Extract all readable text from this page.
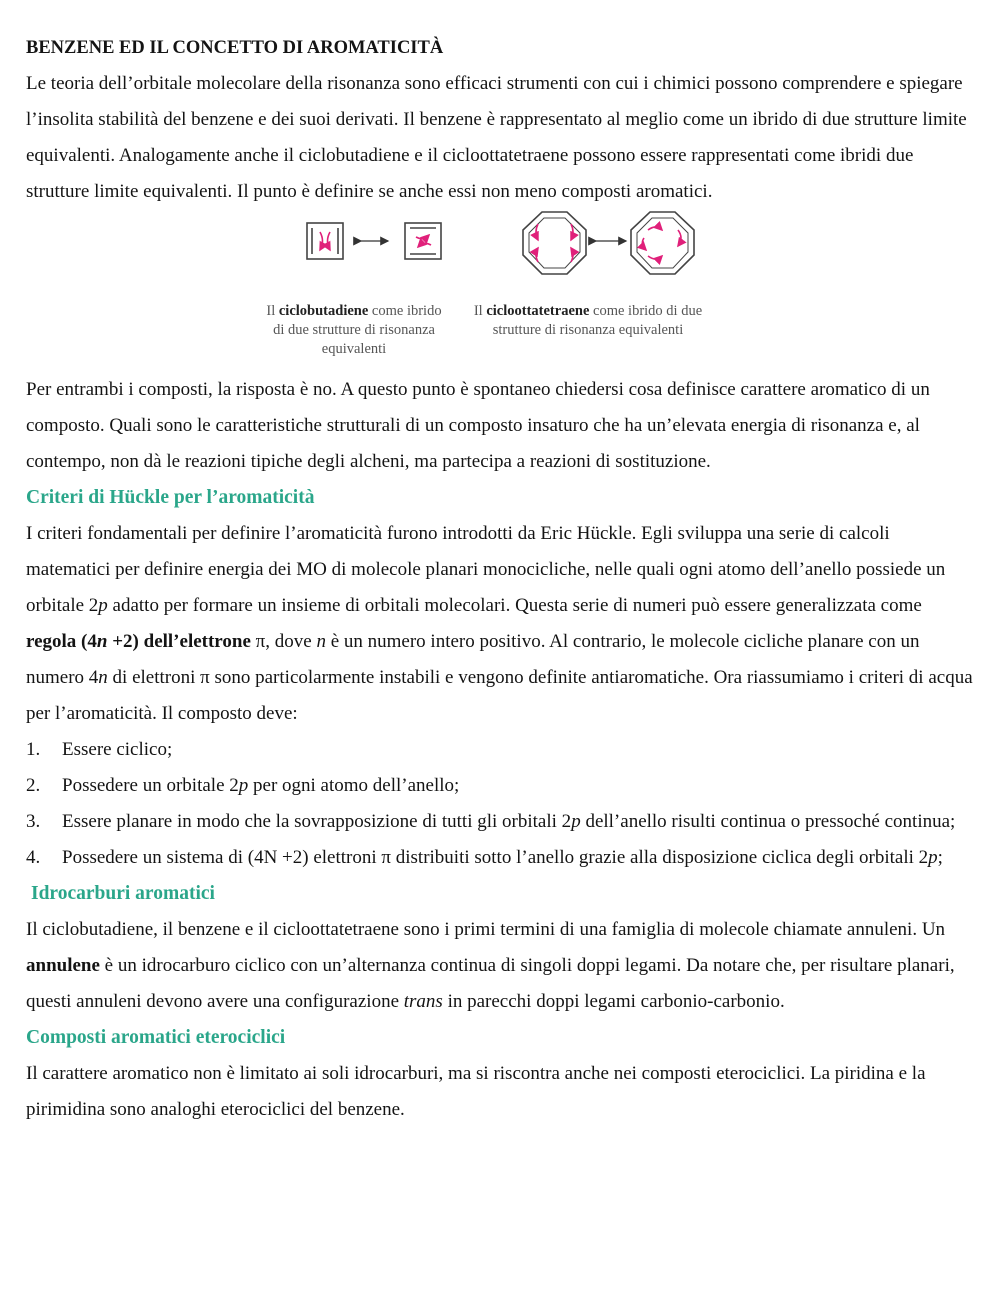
BENZENE ED IL CONCETTO DI AROMATICITÀ

Le teoria dell’orbitale molecolare della risonanza sono efficaci strumenti con cui i chimici possono comprendere e spiegare l’insolita stabilità del benzene e dei suoi derivati. Il benzene è rappresentato al meglio come un ibrido di due strutture limite equivalenti. Analogamente anche il ciclobutadiene e il cicloottatetraene possono essere rappresentati come ibridi due strutture limite equivalenti. Il punto è definire se anche essi non meno composti aromatici.

Il ciclobutadiene come ibrido di due strutture di risonanza equivalenti
Il cicloottatetraene come ibrido di due strutture di risonanza equivalenti

Per entrambi i composti, la risposta è no. A questo punto è spontaneo chiedersi cosa definisce carattere aromatico di un composto. Quali sono le caratteristiche strutturali di un composto insaturo che ha un’elevata energia di risonanza e, al contempo, non dà le reazioni tipiche degli alcheni, ma partecipa a reazioni di sostituzione.

Criteri di Hückle per l’aromaticità

I criteri fondamentali per definire l’aromaticità furono introdotti da Eric Hückle. Egli sviluppa una serie di calcoli matematici per definire energia dei MO di molecole planari monocicliche, nelle quali ogni atomo dell’anello possiede un orbitale 2p adatto per formare un insieme di orbitali molecolari. Questa serie di numeri può essere generalizzata come regola (4n +2) dell’elettrone π, dove n è un numero intero positivo. Al contrario, le molecole cicliche planare con un numero 4n di elettroni π sono particolarmente instabili e vengono definite antiaromatiche. Ora riassumiamo i criteri di acqua per l’aromaticità. Il composto deve:

1. Essere ciclico;
2. Possedere un orbitale 2p per ogni atomo dell’anello;
3. Essere planare in modo che la sovrapposizione di tutti gli orbitali 2p dell’anello risulti continua o pressoché continua;
4. Possedere un sistema di (4N +2) elettroni π distribuiti sotto l’anello grazie alla disposizione ciclica degli orbitali 2p;
Idrocarburi aromatici

Il ciclobutadiene, il benzene e il cicloottatetraene sono i primi termini di una famiglia di molecole chiamate annuleni. Un annulene è un idrocarburo ciclico con un’alternanza continua di singoli doppi legami. Da notare che, per risultare planari, questi annuleni devono avere una configurazione trans in parecchi doppi legami carbonio-carbonio.

Composti aromatici eterociclici

Il carattere aromatico non è limitato ai soli idrocarburi, ma si riscontra anche nei composti eterociclici. La piridina e la pirimidina sono analoghi eterociclici del benzene.
